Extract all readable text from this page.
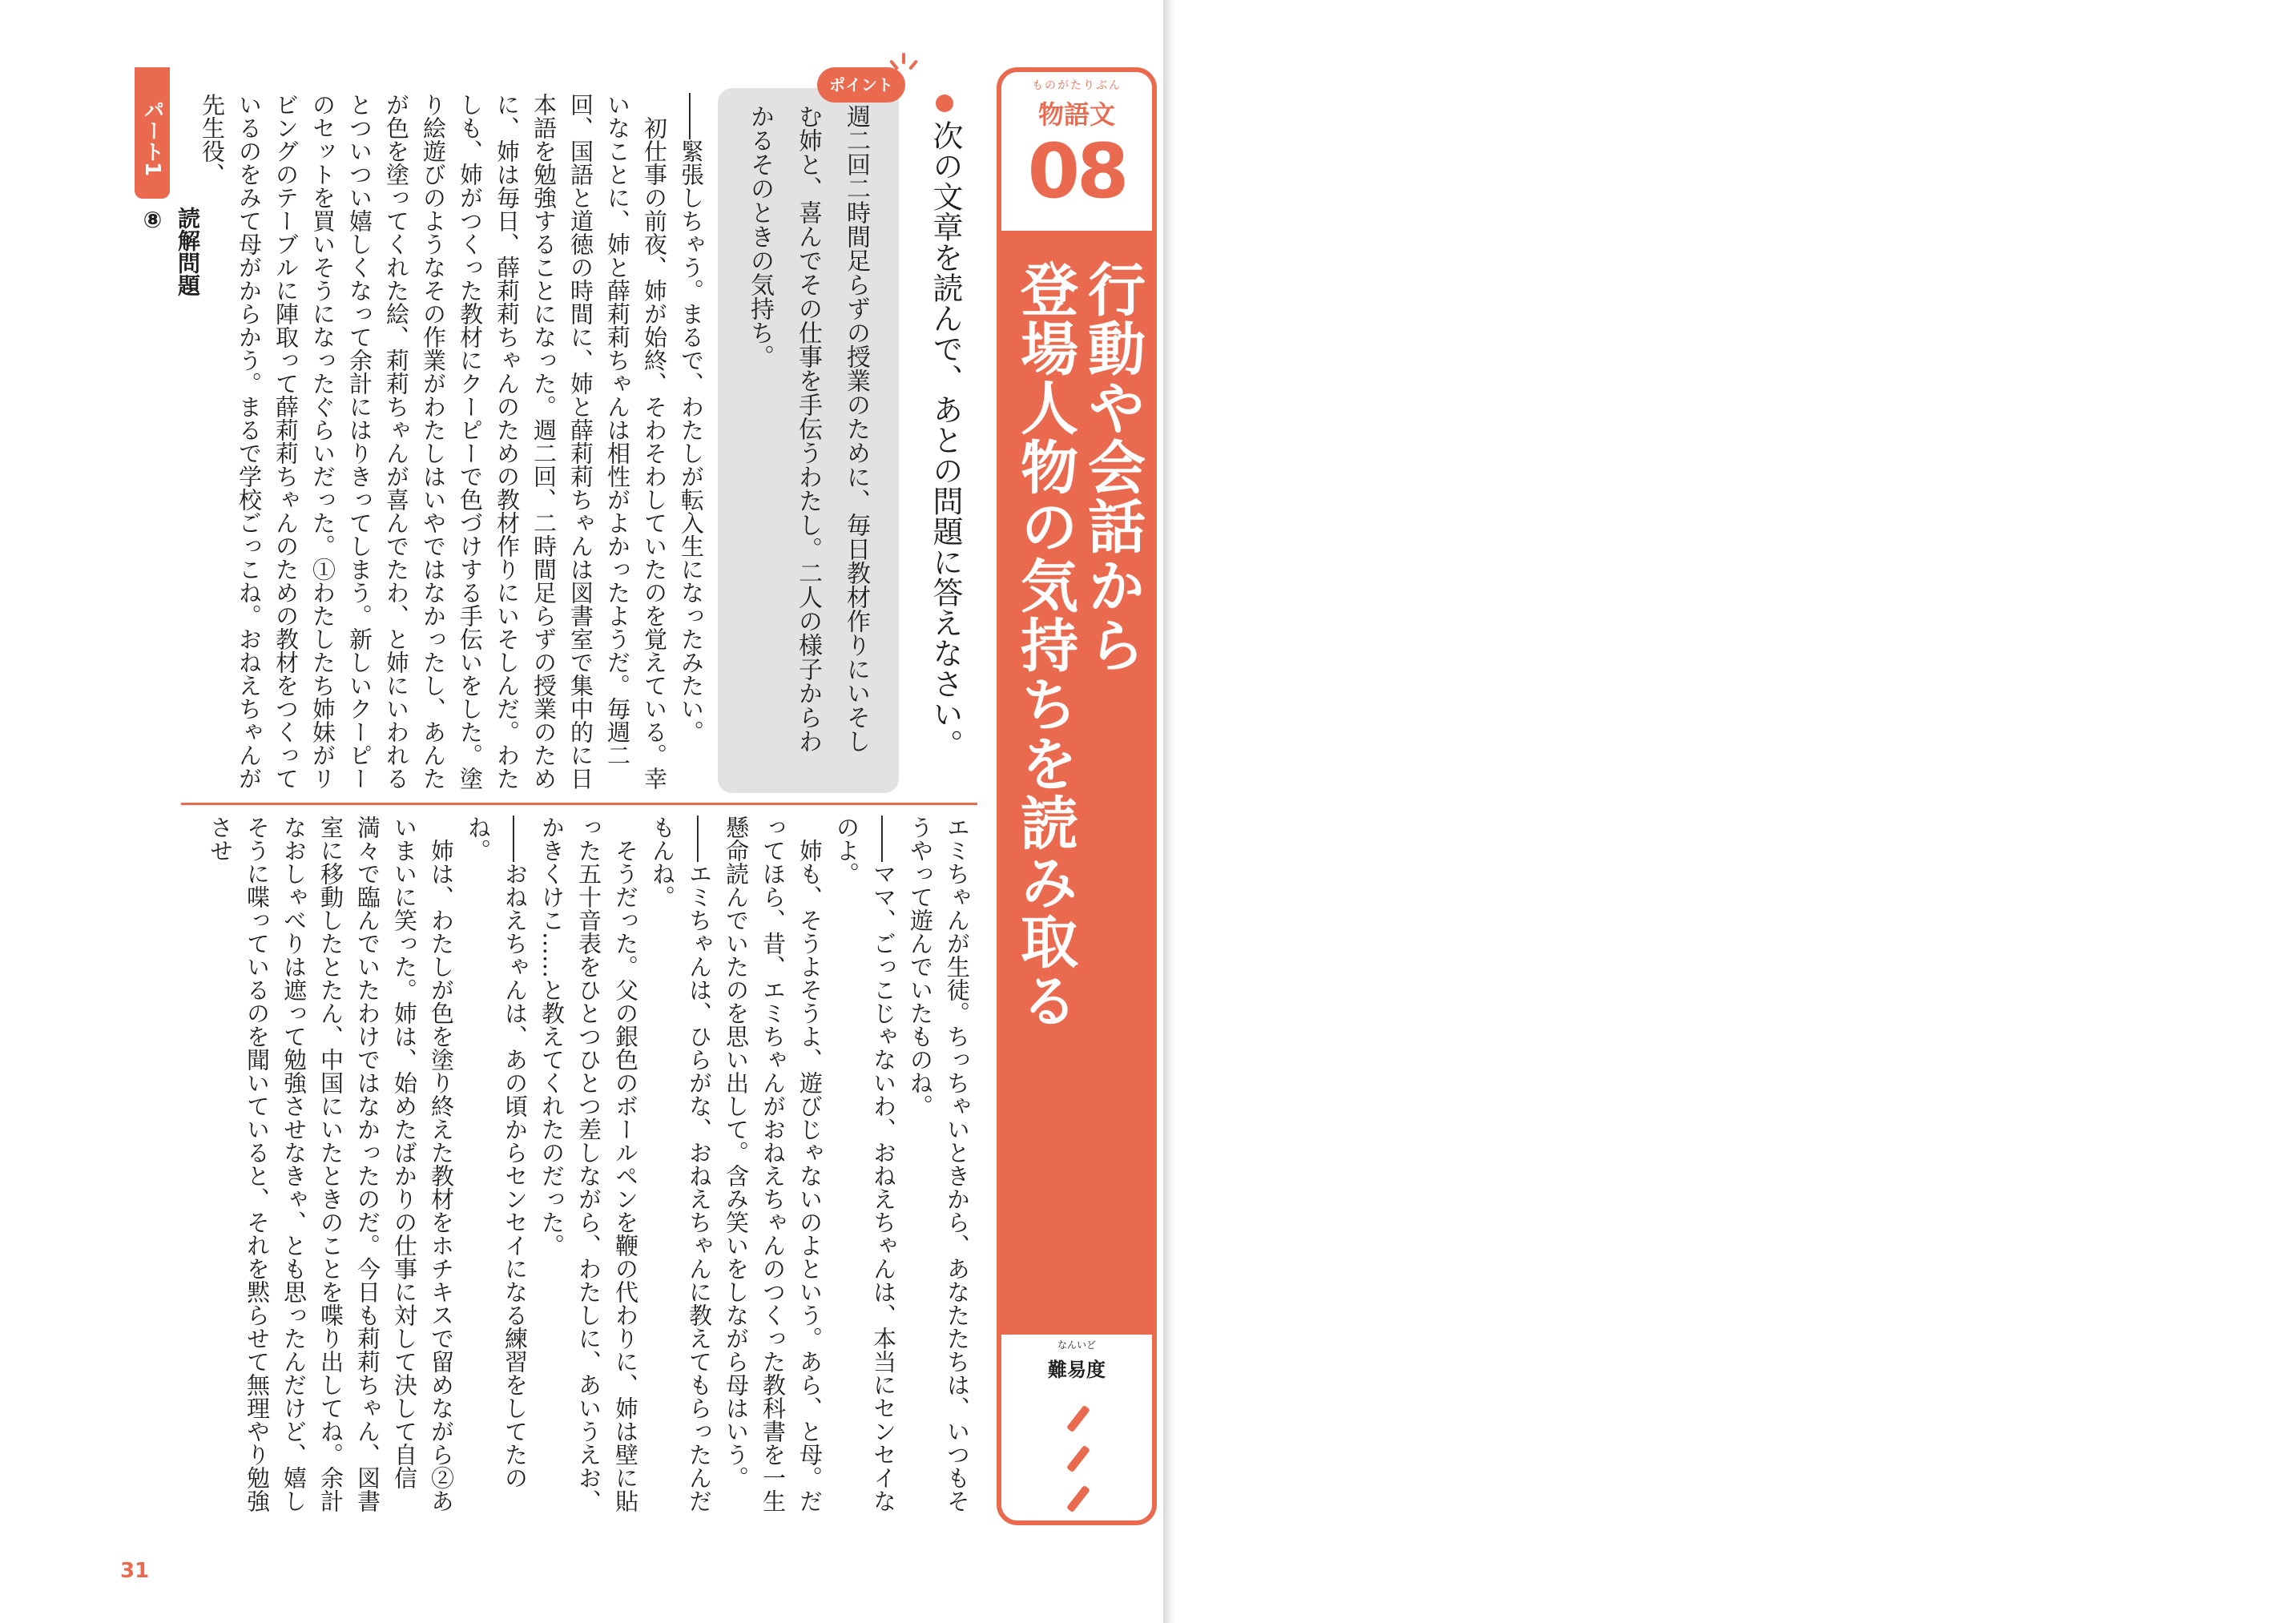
ものがたりぶん
物語文
08
行動や会話から
登場人物の気持ちを読み取る
なんいど
難易度
次の文章を読んで、あとの問題に答えなさい。
ポイント

週二回二時間足らずの授業のために、毎日教材作りにいそしむ姉と、喜んでその仕事を手伝うわたし。二人の様子からわかるそのときの気持ち。

――緊張しちゃう。まるで、わたしが転入生になったみたい。

初仕事の前夜、姉が始終、そわそわしていたのを覚えている。幸いなことに、姉と薛莉莉ちゃんは相性がよかったようだ。毎週二回、国語と道徳の時間に、姉と薛莉莉ちゃんは図書室で集中的に日本語を勉強することになった。週二回、二時間足らずの授業のために、姉は毎日、薛莉莉ちゃんのための教材作りにいそしんだ。わたしも、姉がつくった教材にクーピーで色づけする手伝いをした。塗り絵遊びのようなその作業がわたしはいやではなかったし、あんたが色を塗ってくれた絵、莉莉ちゃんが喜んでたわ、と姉にいわれるとついつい嬉しくなって余計にはりきってしまう。新しいクーピーのセットを買いそうになったぐらいだった。①わたしたち姉妹がリビングのテーブルに陣取って薛莉莉ちゃんのための教材をつくっているのをみて母がからかう。まるで学校ごっこね。おねえちゃんが先生役、

エミちゃんが生徒。ちっちゃいときから、あなたたちは、いつもそうやって遊んでいたものね。

――ママ、ごっこじゃないわ、おねえちゃんは、本当にセンセイなのよ。

姉も、そうよそうよ、遊びじゃないのよという。あら、と母。だってほら、昔、エミちゃんがおねえちゃんのつくった教科書を一生懸命読んでいたのを思い出して。含み笑いをしながら母はいう。

――エミちゃんは、ひらがな、おねえちゃんに教えてもらったんだもんね。

そうだった。父の銀色のボールペンを鞭の代わりに、姉は壁に貼った五十音表をひとつひとつ差しながら、わたしに、あいうえお、かきくけこ……と教えてくれたのだった。

――おねえちゃんは、あの頃からセンセイになる練習をしてたのね。

姉は、わたしが色を塗り終えた教材をホチキスで留めながら②あいまいに笑った。姉は、始めたばかりの仕事に対して決して自信満々で臨んでいたわけではなかったのだ。今日も莉莉ちゃん、図書室に移動したとたん、中国にいたときのことを喋り出してね。余計なおしゃべりは遮って勉強させなきゃ、とも思ったんだけど、嬉しそうに喋っているのを聞いていると、それを黙らせて無理やり勉強させ

パート1
読解問題⑧
31
